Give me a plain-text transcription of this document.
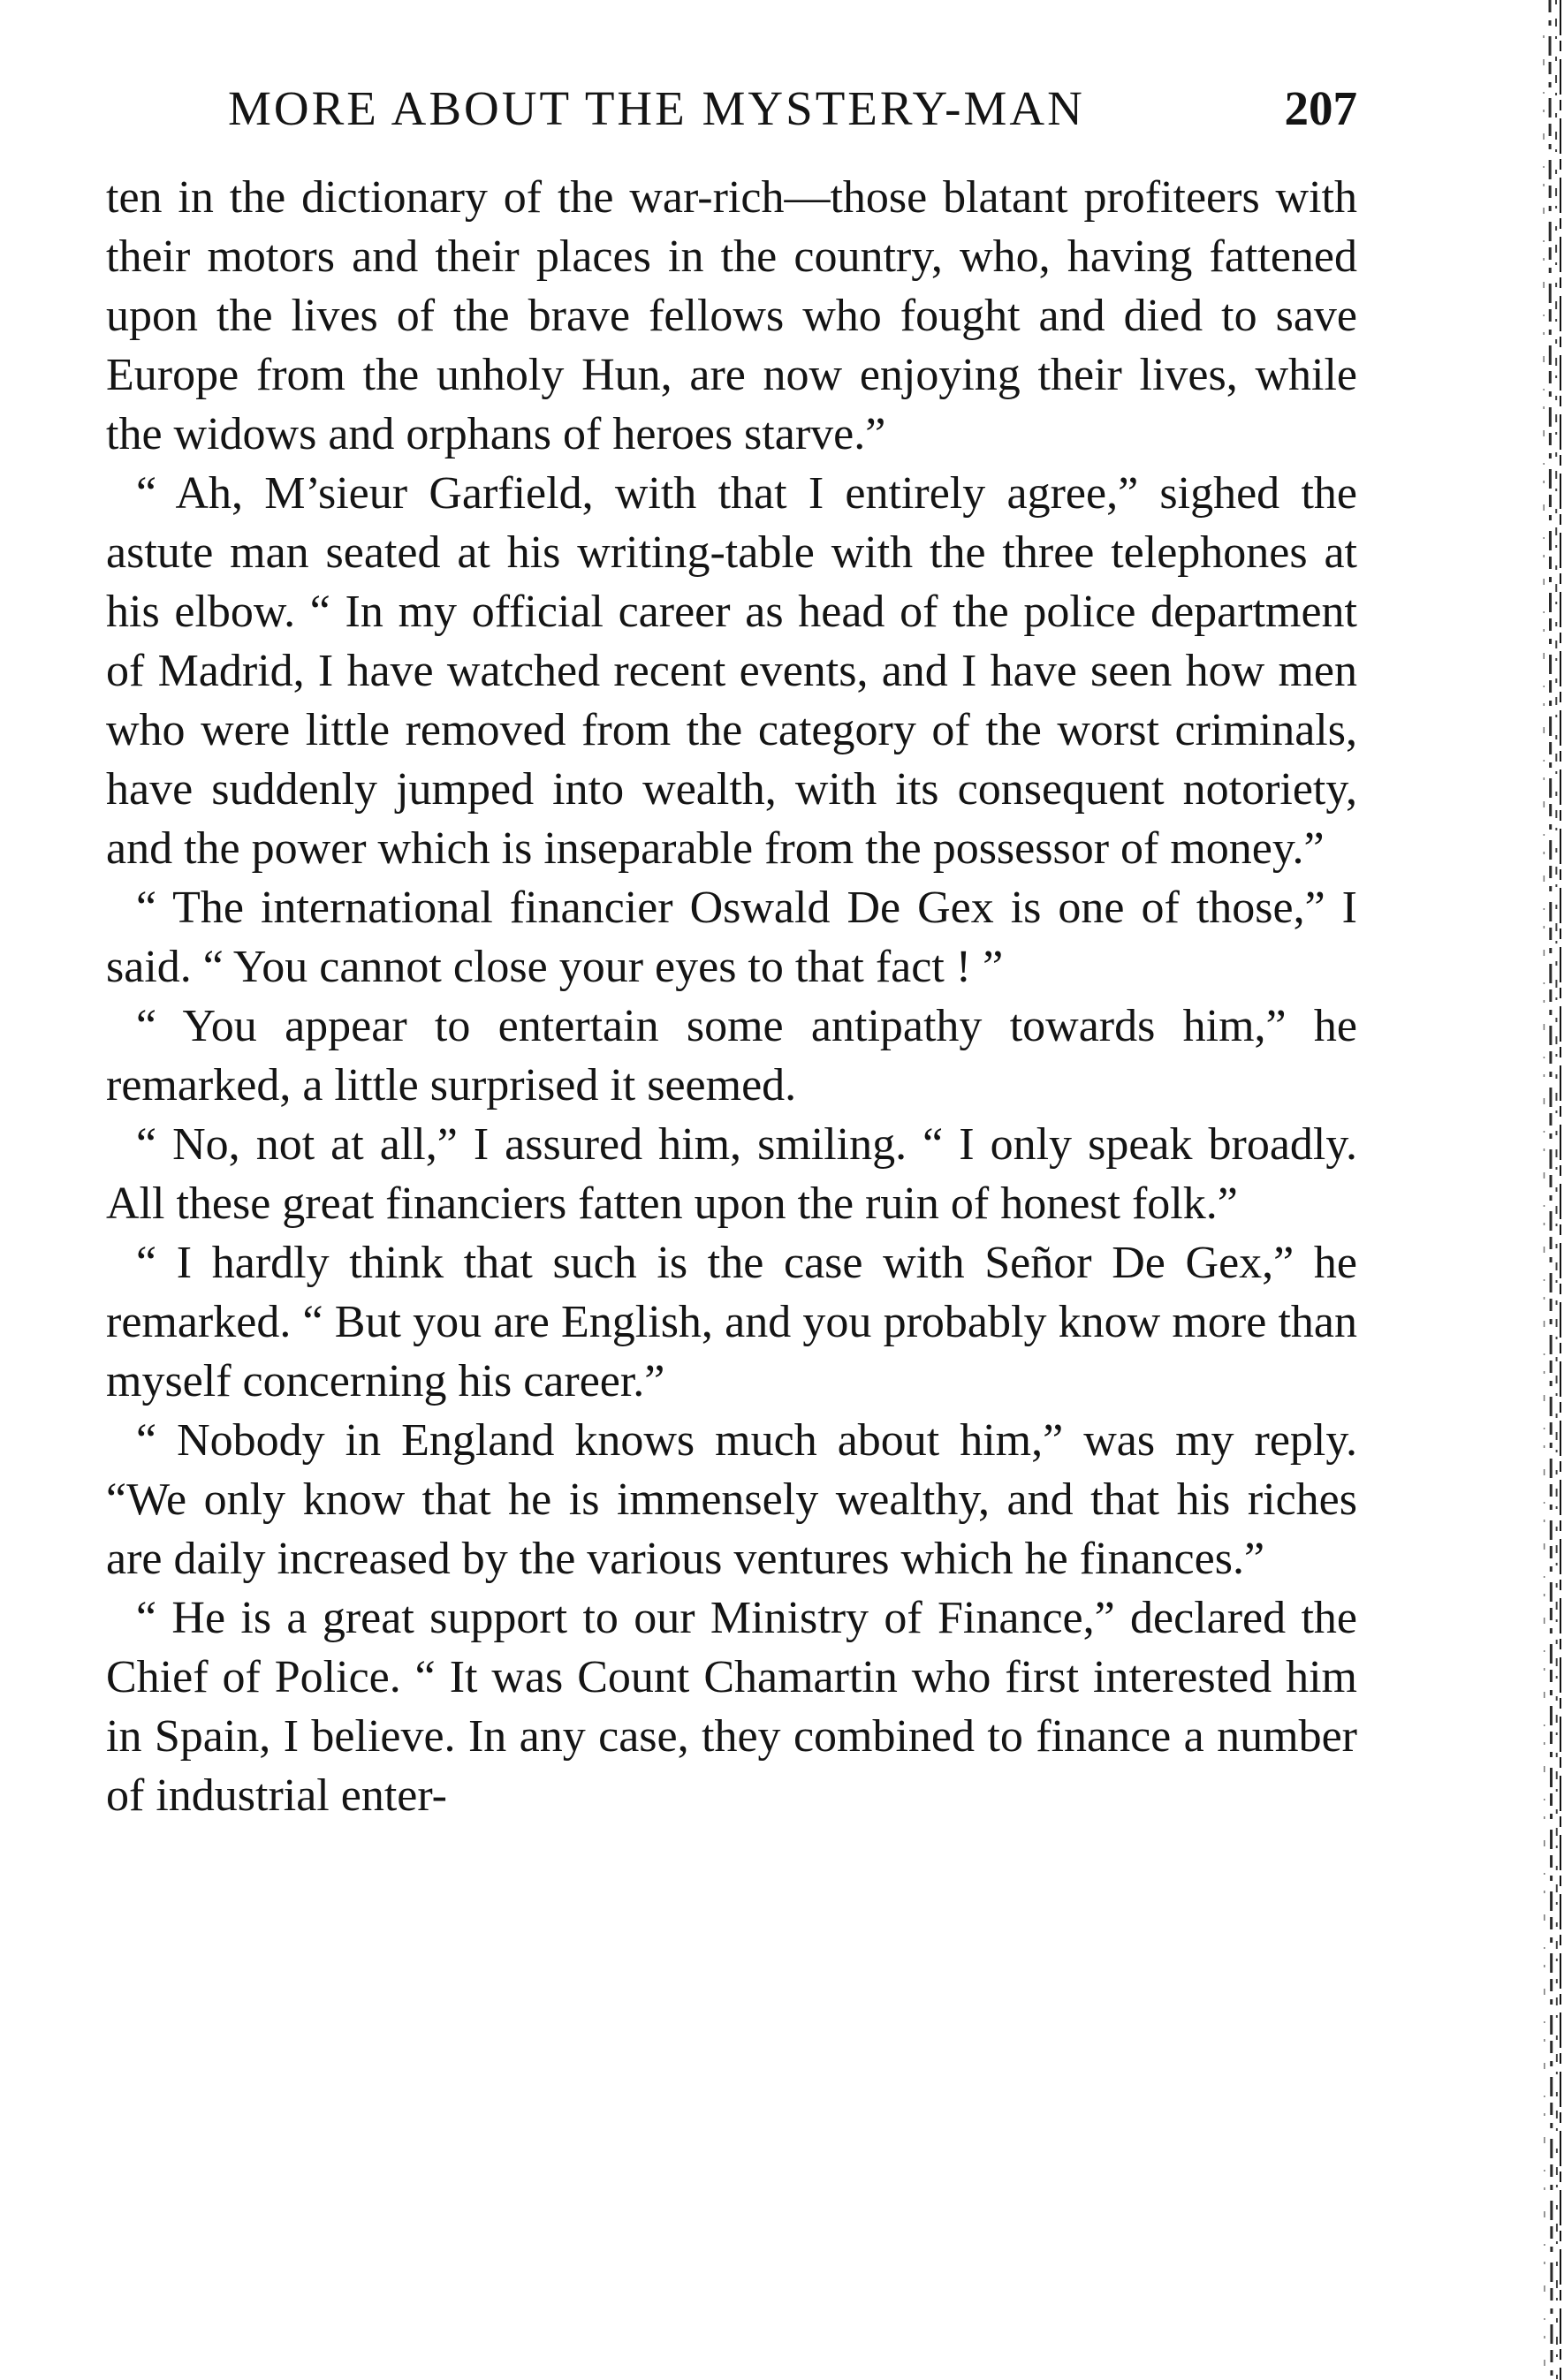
MORE ABOUT THE MYSTERY-MAN	207

ten in the dictionary of the war-rich—those blatant profiteers with their motors and their places in the country, who, having fattened upon the lives of the brave fellows who fought and died to save Europe from the unholy Hun, are now enjoying their lives, while the widows and orphans of heroes starve.”

“ Ah, M’sieur Garfield, with that I entirely agree,” sighed the astute man seated at his writing-table with the three telephones at his elbow. “ In my official career as head of the police department of Madrid, I have watched recent events, and I have seen how men who were little removed from the category of the worst criminals, have suddenly jumped into wealth, with its consequent notoriety, and the power which is inseparable from the possessor of money.”

“ The international financier Oswald De Gex is one of those,” I said. “ You cannot close your eyes to that fact ! ”

“ You appear to entertain some antipathy towards him,” he remarked, a little surprised it seemed.

“ No, not at all,” I assured him, smiling. “ I only speak broadly. All these great financiers fatten upon the ruin of honest folk.”

“ I hardly think that such is the case with Señor De Gex,” he remarked. “ But you are English, and you probably know more than myself concerning his career.”

“ Nobody in England knows much about him,” was my reply. “We only know that he is immensely wealthy, and that his riches are daily increased by the various ventures which he finances.”

“ He is a great support to our Ministry of Finance,” declared the Chief of Police. “ It was Count Chamartin who first interested him in Spain, I believe. In any case, they combined to finance a number of industrial enter-
